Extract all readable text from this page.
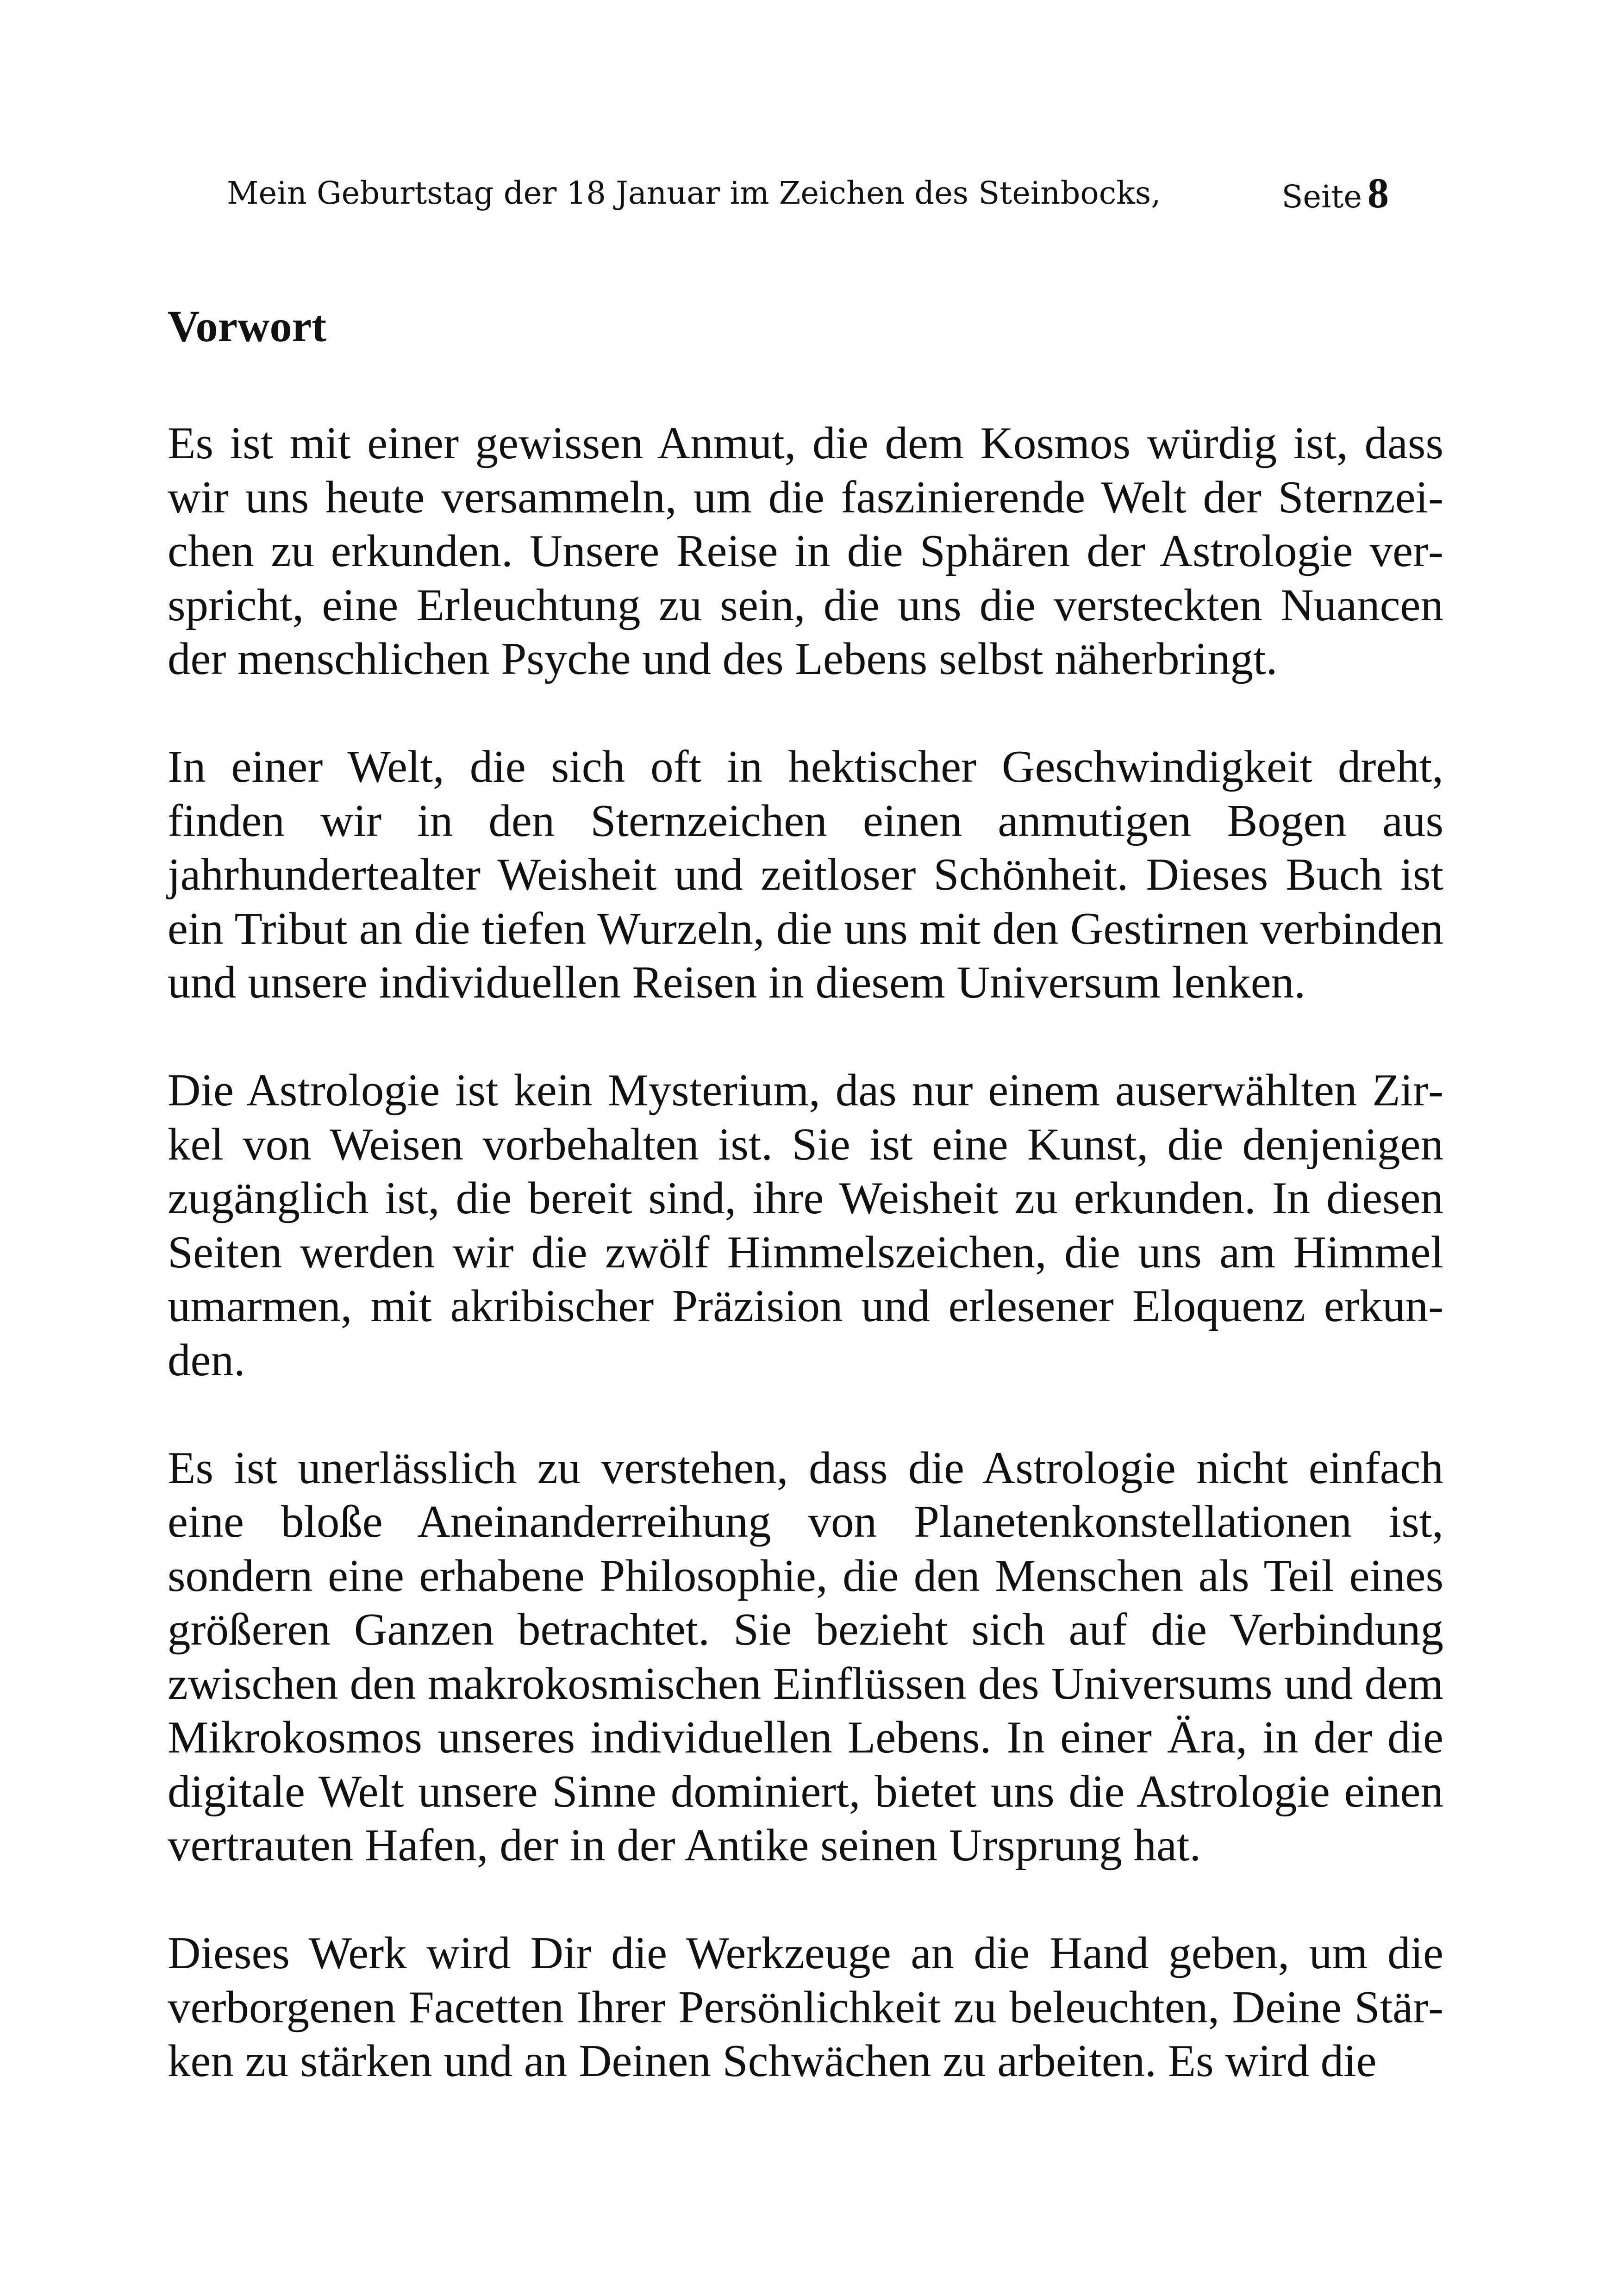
Mein Geburtstag der 18 Januar im Zeichen des Steinbocks,	Seite 8
Vorwort

Es ist mit einer gewissen Anmut, die dem Kosmos würdig ist, dass wir uns heute versammeln, um die faszinierende Welt der Sternzeichen zu erkunden. Unsere Reise in die Sphären der Astrologie verspricht, eine Erleuchtung zu sein, die uns die versteckten Nuancen der menschlichen Psyche und des Lebens selbst näherbringt.

In einer Welt, die sich oft in hektischer Geschwindigkeit dreht, finden wir in den Sternzeichen einen anmutigen Bogen aus jahrhundertealter Weisheit und zeitloser Schönheit. Dieses Buch ist ein Tribut an die tiefen Wurzeln, die uns mit den Gestirnen verbinden und unsere individuellen Reisen in diesem Universum lenken.

Die Astrologie ist kein Mysterium, das nur einem auserwählten Zirkel von Weisen vorbehalten ist. Sie ist eine Kunst, die denjenigen zugänglich ist, die bereit sind, ihre Weisheit zu erkunden. In diesen Seiten werden wir die zwölf Himmelszeichen, die uns am Himmel umarmen, mit akribischer Präzision und erlesener Eloquenz erkunden.

Es ist unerlässlich zu verstehen, dass die Astrologie nicht einfach eine bloße Aneinanderreihung von Planetenkonstellationen ist, sondern eine erhabene Philosophie, die den Menschen als Teil eines größeren Ganzen betrachtet. Sie bezieht sich auf die Verbindung zwischen den makrokosmischen Einflüssen des Universums und dem Mikrokosmos unseres individuellen Lebens. In einer Ära, in der die digitale Welt unsere Sinne dominiert, bietet uns die Astrologie einen vertrauten Hafen, der in der Antike seinen Ursprung hat.

Dieses Werk wird Dir die Werkzeuge an die Hand geben, um die verborgenen Facetten Ihrer Persönlichkeit zu beleuchten, Deine Stärken zu stärken und an Deinen Schwächen zu arbeiten. Es wird die
